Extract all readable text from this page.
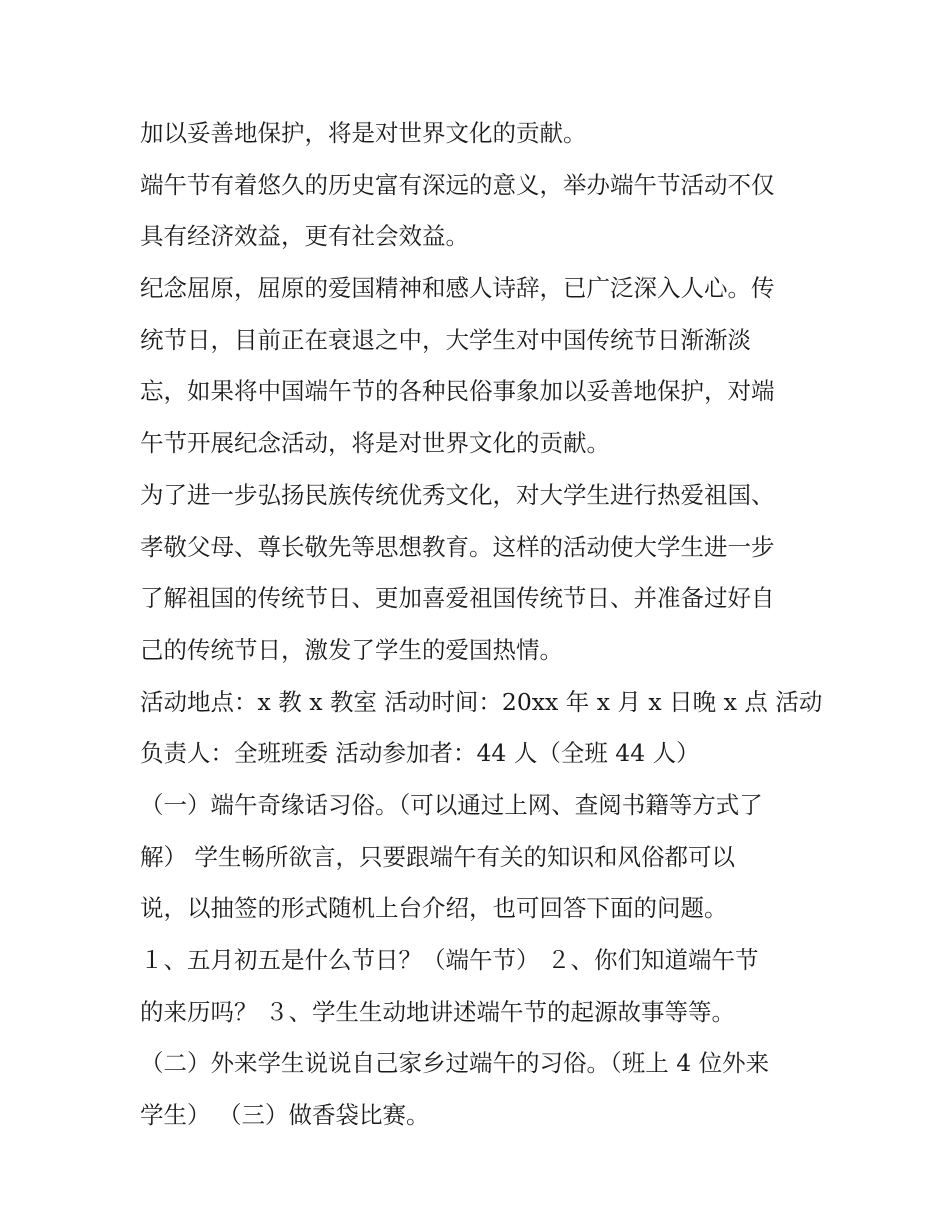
加以妥善地保护，将是对世界文化的贡献。
端午节有着悠久的历史富有深远的意义，举办端午节活动不仅
具有经济效益，更有社会效益。
纪念屈原，屈原的爱国精神和感人诗辞，已广泛深入人心。传
统节日，目前正在衰退之中，大学生对中国传统节日渐渐淡
忘，如果将中国端午节的各种民俗事象加以妥善地保护，对端
午节开展纪念活动，将是对世界文化的贡献。
为了进一步弘扬民族传统优秀文化，对大学生进行热爱祖国、
孝敬父母、尊长敬先等思想教育。这样的活动使大学生进一步
了解祖国的传统节日、更加喜爱祖国传统节日、并准备过好自
己的传统节日，激发了学生的爱国热情。
活动地点：x 教 x 教室 活动时间：20xx 年 x 月 x 日晚 x 点 活动
负责人：全班班委 活动参加者：44 人（全班 44 人）
（一）端午奇缘话习俗。（可以通过上网、查阅书籍等方式了
解） 学生畅所欲言，只要跟端午有关的知识和风俗都可以
说，以抽签的形式随机上台介绍，也可回答下面的问题。
１、五月初五是什么节日？（端午节） ２、你们知道端午节
的来历吗？ ３、学生生动地讲述端午节的起源故事等等。
（二）外来学生说说自己家乡过端午的习俗。（班上 4 位外来
学生） （三）做香袋比赛。
